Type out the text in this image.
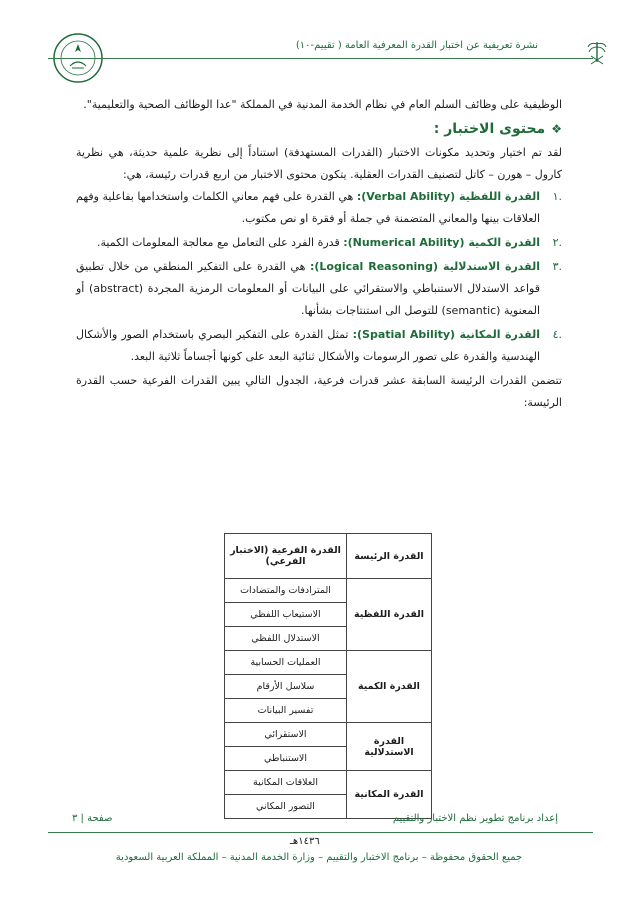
نشرة تعريفية عن اختبار القدرة المعرفية العامة ( تقييم-١٠)

الوظيفية على وظائف السلم العام في نظام الخدمة المدنية في المملكة "عدا الوظائف الصحية والتعليمية".

❖
محتوى الاختبار :

لقد تم اختيار وتحديد مكونات الاختبار (القدرات المستهدفة) استناداً إلى نظرية علمية حديثة، هي نظرية كارول – هورن – كاتل لتصنيف القدرات العقلية. يتكون محتوى الاختبار من اربع قدرات رئيسة، هي:

.١
القدرة اللفظية (Verbal Ability): هي القدرة على فهم معاني الكلمات واستخدامها بفاعلية وفهم العلاقات بينها والمعاني المتضمنة في جملة أو فقرة او نص مكتوب.
.٢
القدرة الكمية (Numerical Ability): قدرة الفرد على التعامل مع معالجة المعلومات الكمية.
.٣
القدرة الاستدلالية (Logical Reasoning): هي القدرة على التفكير المنطقي من خلال تطبيق قواعد الاستدلال الاستنباطي والاستقرائي على البيانات أو المعلومات الرمزية المجردة (abstract) أو المعنوية (semantic) للتوصل الى استنتاجات بشأنها.
.٤
القدرة المكانية (Spatial Ability): تمثل القدرة على التفكير البصري باستخدام الصور والأشكال الهندسية والقدرة على تصور الرسومات والأشكال ثنائية البعد على كونها أجساماً ثلاثية البعد.

تتضمن القدرات الرئيسة السابقة عشر قدرات فرعية، الجدول التالي يبين القدرات الفرعية حسب القدرة الرئيسة:

القدرة الرئيسة	القدرة الفرعية (الاختبار الفرعي)
القدرة اللفظية	المترادفات والمتضادات
	الاستيعاب اللفظي
	الاستدلال اللفظي
القدرة الكمية	العمليات الحسابية
	سلاسل الأرقام
	تفسير البيانات
القدرة الاستدلالية	الاستقرائي
	الاستنباطي
القدرة المكانية	العلاقات المكانية
	التصور المكاني
إعداد برنامج تطوير نظم الاختبار والتقييم
صفحة | ٣
١٤٣٦هـ
جميع الحقوق محفوظة – برنامج الاختبار والتقييم – وزارة الخدمة المدنية – المملكة العربية السعودية
